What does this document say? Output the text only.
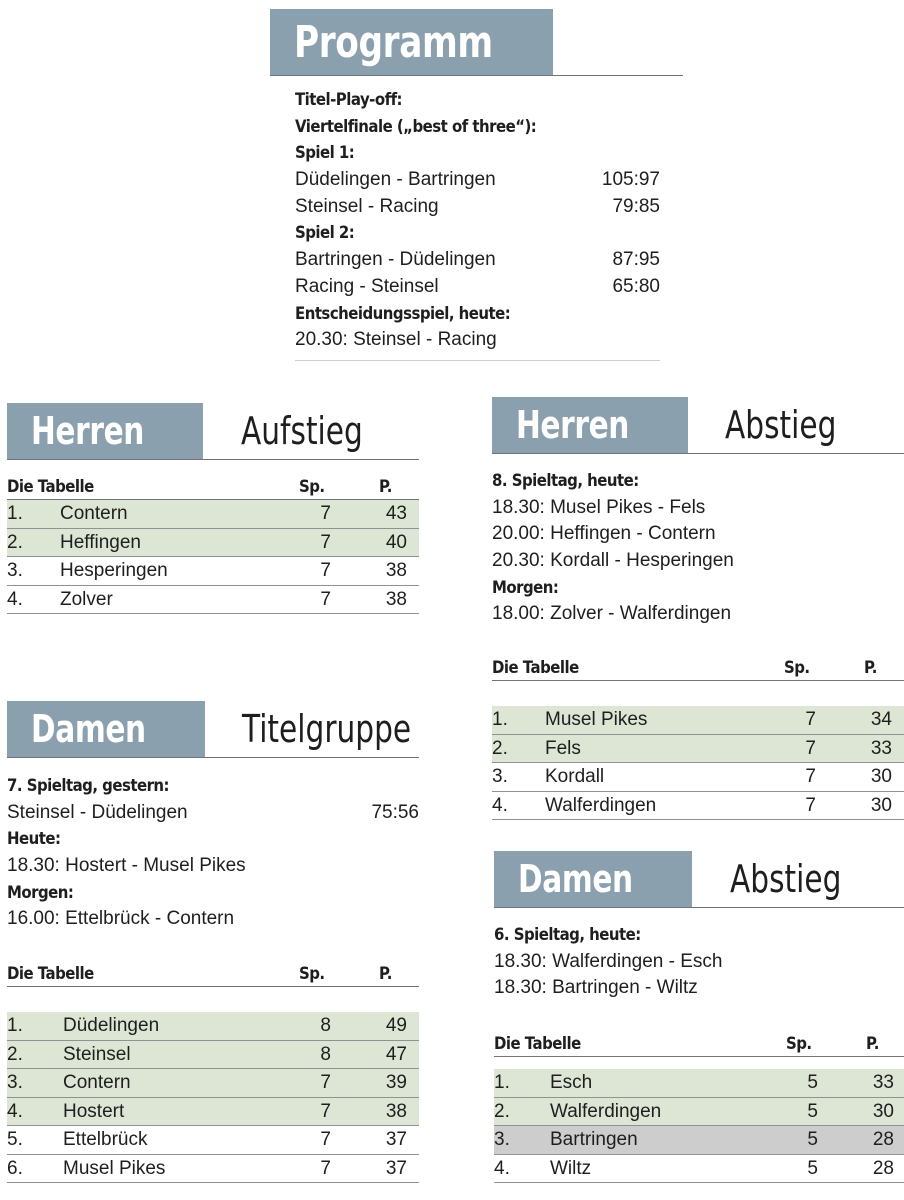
Programm
Titel-Play-off:
Viertelfinale („best of three“):
Spiel 1:
Düdelingen - Bartringen	105:97
Steinsel - Racing	79:85
Spiel 2:
Bartringen - Düdelingen	87:95
Racing - Steinsel	65:80
Entscheidungsspiel, heute:
20.30: Steinsel - Racing
Herren	Aufstieg
Die Tabelle	Sp.	P.
1. Contern	7	43
2. Heffingen	7	40
3. Hesperingen	7	38
4. Zolver	7	38
Herren	Abstieg
8. Spieltag, heute:
18.30: Musel Pikes - Fels
20.00: Heffingen - Contern
20.30: Kordall - Hesperingen
Morgen:
18.00: Zolver - Walferdingen
Die Tabelle	Sp.	P.
1. Musel Pikes	7	34
2. Fels	7	33
3. Kordall	7	30
4. Walferdingen	7	30
Damen	Titelgruppe
7. Spieltag, gestern:
Steinsel - Düdelingen	75:56
Heute:
18.30: Hostert - Musel Pikes
Morgen:
16.00: Ettelbrück - Contern
Die Tabelle	Sp.	P.
1. Düdelingen	8	49
2. Steinsel	8	47
3. Contern	7	39
4. Hostert	7	38
5. Ettelbrück	7	37
6. Musel Pikes	7	37
Damen	Abstieg
6. Spieltag, heute:
18.30: Walferdingen - Esch
18.30: Bartringen - Wiltz
Die Tabelle	Sp.	P.
1. Esch	5	33
2. Walferdingen	5	30
3. Bartringen	5	28
4. Wiltz	5	28
